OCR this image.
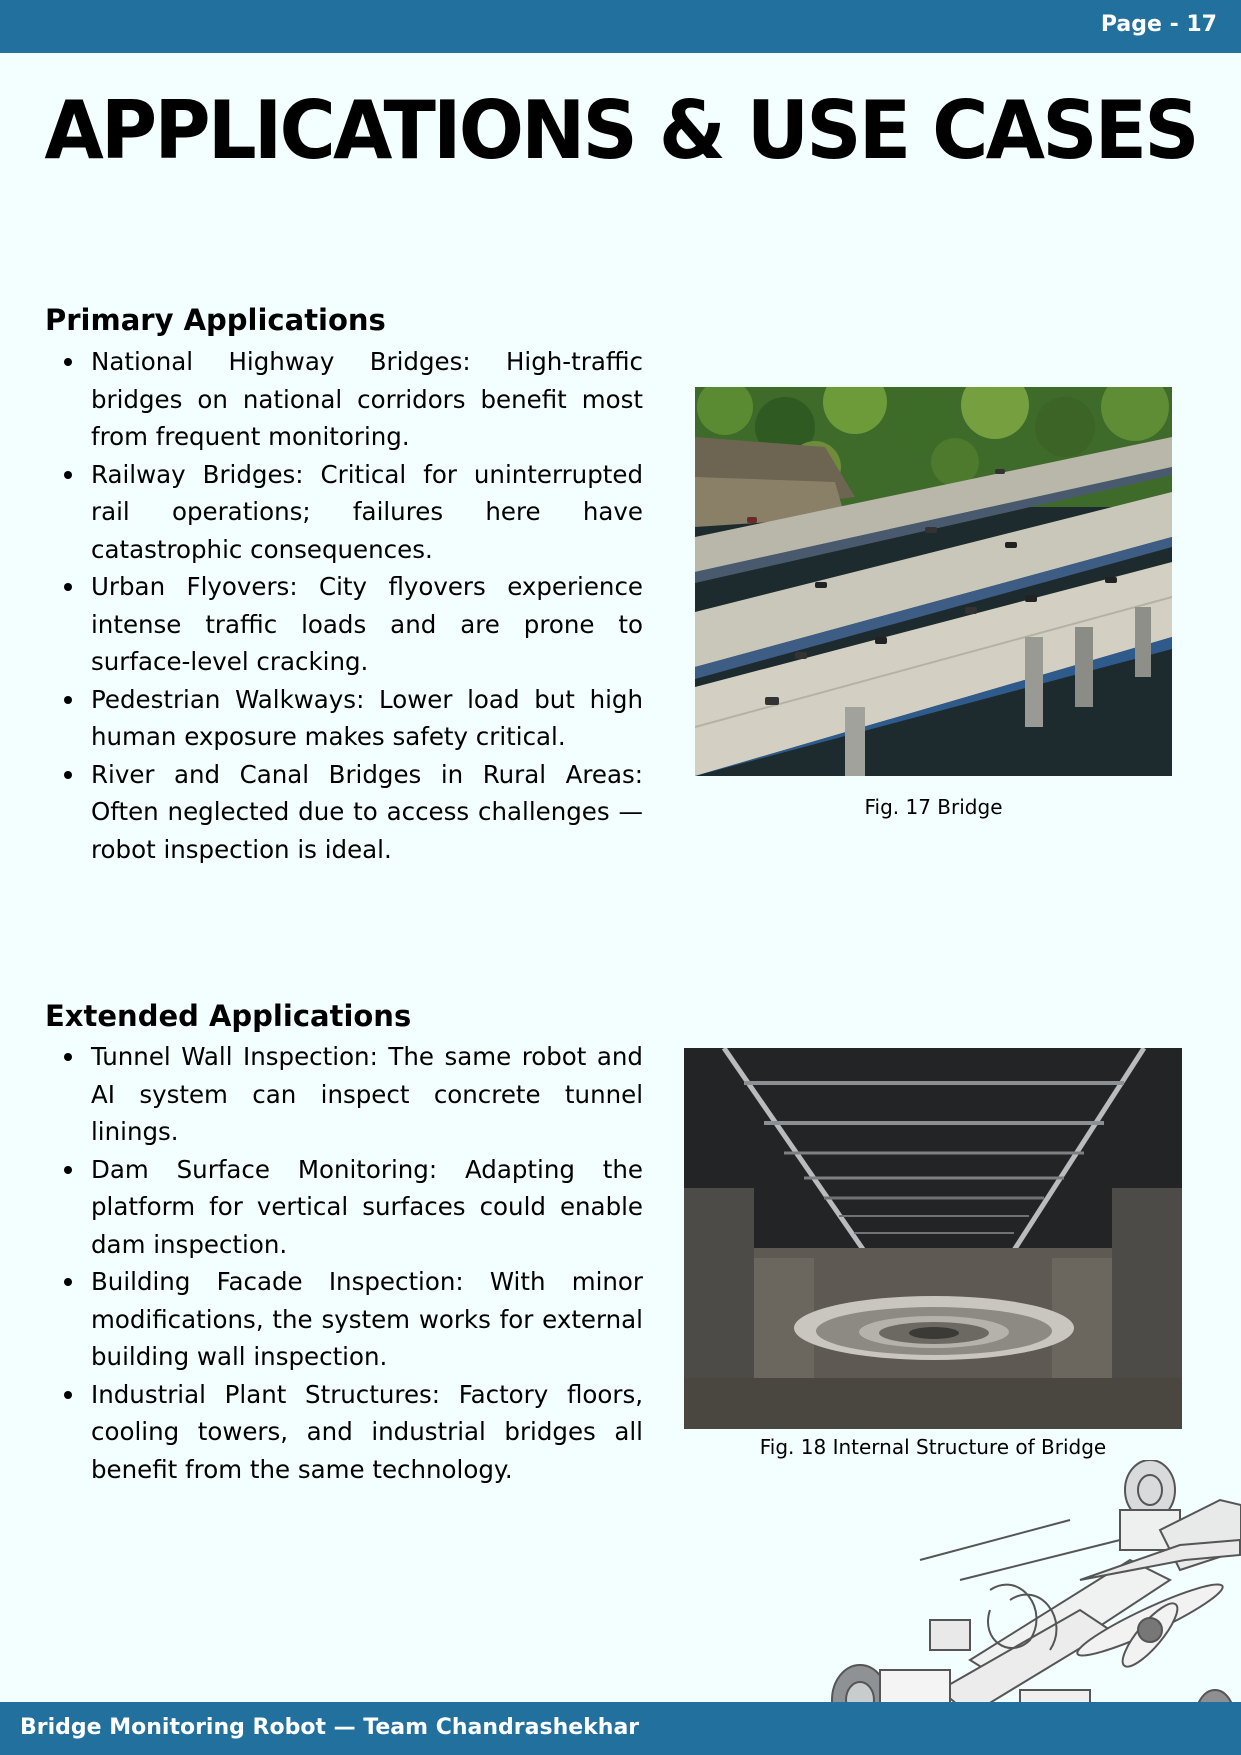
Page - 17
APPLICATIONS & USE CASES
Primary Applications
National Highway Bridges: High-traffic bridges on national corridors benefit most from frequent monitoring.
Railway Bridges: Critical for uninterrupted rail operations; failures here have catastrophic consequences.
Urban Flyovers: City flyovers experience intense traffic loads and are prone to surface-level cracking.
Pedestrian Walkways: Lower load but high human exposure makes safety critical.
River and Canal Bridges in Rural Areas: Often neglected due to access challenges — robot inspection is ideal.
Fig. 17 Bridge
Extended Applications
Tunnel Wall Inspection: The same robot and AI system can inspect concrete tunnel linings.
Dam Surface Monitoring: Adapting the platform for vertical surfaces could enable dam inspection.
Building Facade Inspection: With minor modifications, the system works for external building wall inspection.
Industrial Plant Structures: Factory floors, cooling towers, and industrial bridges all benefit from the same technology.
Fig. 18 Internal Structure of Bridge
Bridge Monitoring Robot — Team Chandrashekhar
